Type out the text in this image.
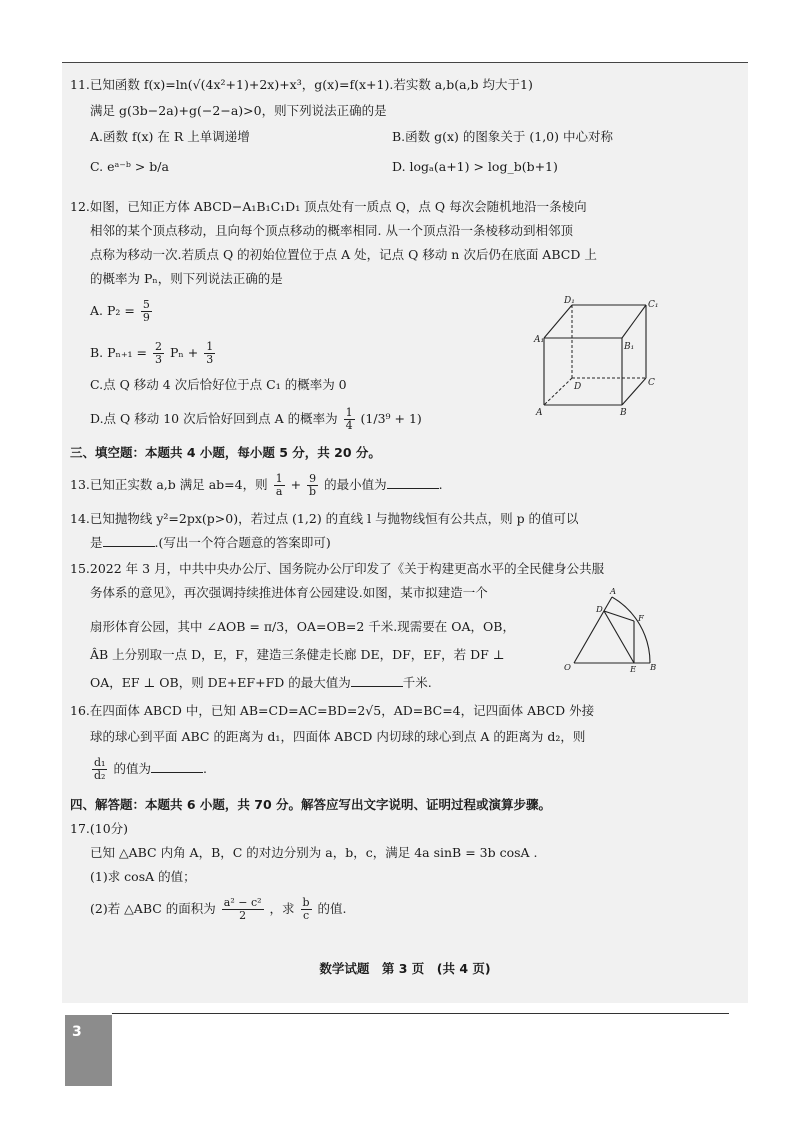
11.已知函数 f(x)=ln(√(4x²+1)+2x)+x³，g(x)=f(x+1).若实数 a,b(a,b 均大于1)
满足 g(3b−2a)+g(−2−a)>0，则下列说法正确的是
A.函数 f(x) 在 R 上单调递增	B.函数 g(x) 的图象关于 (1,0) 中心对称
C. eᵃ⁻ᵇ > b/a	D. logₐ(a+1) > log_b(b+1)
12.如图，已知正方体 ABCD−A₁B₁C₁D₁ 顶点处有一质点 Q，点 Q 每次会随机地沿一条棱向
相邻的某个顶点移动，且向每个顶点移动的概率相同. 从一个顶点沿一条棱移动到相邻顶
点称为移动一次.若质点 Q 的初始位置位于点 A 处，记点 Q 移动 n 次后仍在底面 ABCD 上
的概率为 Pₙ，则下列说法正确的是
A. $P_2 = \frac{5}{9}$
B. $P_{n+1} = \frac{2}{3}$ $P_n + \frac{1}{3}$
C.点 Q 移动 4 次后恰好位于点 C₁ 的概率为 0
D.点 Q 移动 10 次后恰好回到点 A 的概率为 $\frac{1}{4} (1/3^9 + 1)$
A₁
B₁
C₁
D₁
A	B
C
D
三、填空题：本题共 4 小题，每小题 5 分，共 20 分。
13.已知正实数 a,b 满足 ab=4，则 $\frac{1}{a} + \frac{9}{b}$ 的最小值为	.
14.已知抛物线 y²=2px(p>0)，若过点 (1,2) 的直线 l 与抛物线恒有公共点，则 p 的值可以
是	.(写出一个符合题意的答案即可)
15.2022 年 3 月，中共中央办公厅、国务院办公厅印发了《关于构建更高水平的全民健身公共服
务体系的意见》，再次强调持续推进体育公园建设.如图，某市拟建造一个
扇形体育公园，其中 ∠AOB = π/3，OA=OB=2 千米.现需要在 OA，OB，
ÂB 上分别取一点 D，E，F，建造三条健走长廊 DE，DF，EF，若 DF ⊥
OA，EF ⊥ OB，则 DE+EF+FD 的最大值为	千米.
A
B
D
E
F
O
16.在四面体 ABCD 中，已知 AB=CD=AC=BD=2√5，AD=BC=4，记四面体 ABCD 外接
球的球心到平面 ABC 的距离为 d₁，四面体 ABCD 内切球的球心到点 A 的距离为 d₂，则
$\frac{\text{d₁}}{\text{d₂}}$ 的值为	.
四、解答题：本题共 6 小题，共 70 分。解答应写出文字说明、证明过程或演算步骤。
17.(10分)
已知 △ABC 内角 A，B，C 的对边分别为 a，b，c，满足 4a sinB = 3b cosA .
(1)求 cosA 的值；
(2)若 △ABC 的面积为 $\frac{\text{a² − c²}}{2}$ ，求 $\frac{b}{c}$ 的值.
数学试题　第 3 页　(共 4 页)
3
